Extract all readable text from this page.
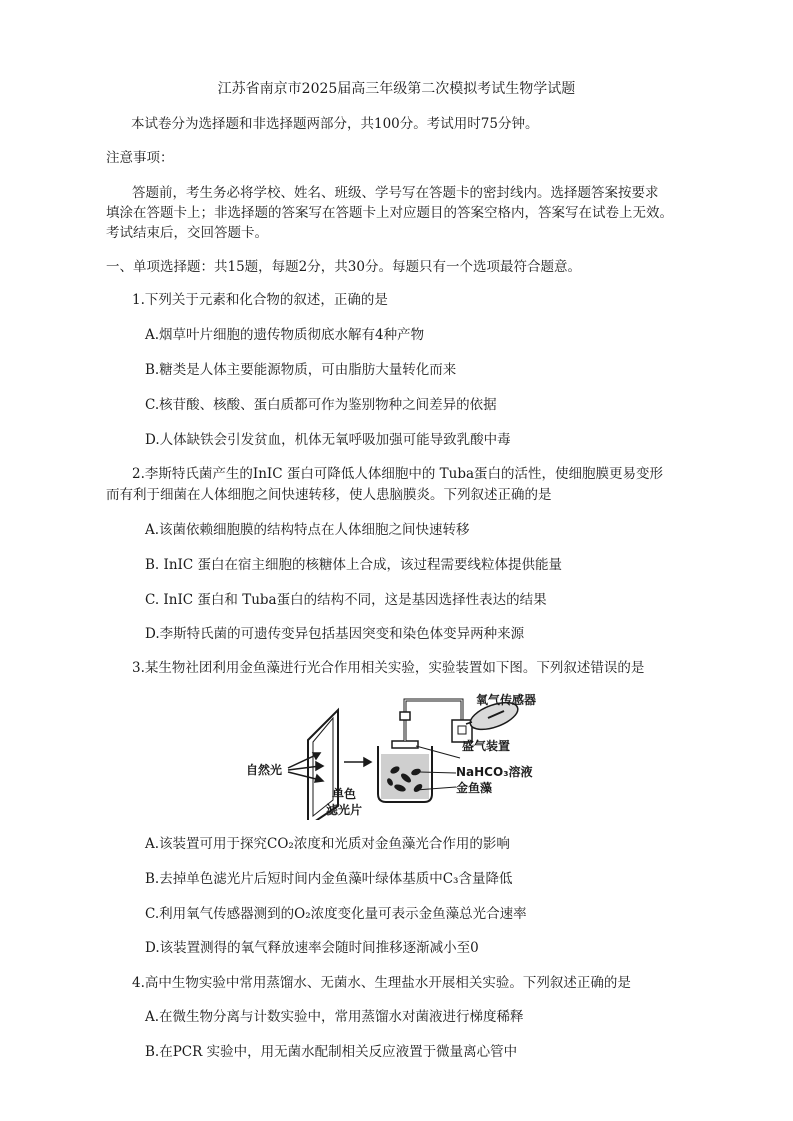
江苏省南京市2025届高三年级第二次模拟考试生物学试题
本试卷分为选择题和非选择题两部分，共100分。考试用时75分钟。
注意事项：
答题前，考生务必将学校、姓名、班级、学号写在答题卡的密封线内。选择题答案按要求
填涂在答题卡上；非选择题的答案写在答题卡上对应题目的答案空格内，答案写在试卷上无效。
考试结束后，交回答题卡。
一、单项选择题：共15题，每题2分，共30分。每题只有一个选项最符合题意。
1.下列关于元素和化合物的叙述，正确的是
A.烟草叶片细胞的遗传物质彻底水解有4种产物
B.糖类是人体主要能源物质，可由脂肪大量转化而来
C.核苷酸、核酸、蛋白质都可作为鉴别物种之间差异的依据
D.人体缺铁会引发贫血，机体无氧呼吸加强可能导致乳酸中毒
2.李斯特氏菌产生的InIC 蛋白可降低人体细胞中的 Tuba蛋白的活性，使细胞膜更易变形
而有利于细菌在人体细胞之间快速转移，使人患脑膜炎。下列叙述正确的是
A.该菌依赖细胞膜的结构特点在人体细胞之间快速转移
B. InIC 蛋白在宿主细胞的核糖体上合成，该过程需要线粒体提供能量
C. InIC 蛋白和 Tuba蛋白的结构不同，这是基因选择性表达的结果
D.李斯特氏菌的可遗传变异包括基因突变和染色体变异两种来源
3.某生物社团利用金鱼藻进行光合作用相关实验，实验装置如下图。下列叙述错误的是
氧气传感器
盛气装置
NaHCO₃溶液
金鱼藻
自然光
单色
滤光片
A.该装置可用于探究CO₂浓度和光质对金鱼藻光合作用的影响
B.去掉单色滤光片后短时间内金鱼藻叶绿体基质中C₃含量降低
C.利用氧气传感器测到的O₂浓度变化量可表示金鱼藻总光合速率
D.该装置测得的氧气释放速率会随时间推移逐渐减小至0
4.高中生物实验中常用蒸馏水、无菌水、生理盐水开展相关实验。下列叙述正确的是
A.在微生物分离与计数实验中，常用蒸馏水对菌液进行梯度稀释
B.在PCR 实验中，用无菌水配制相关反应液置于微量离心管中
